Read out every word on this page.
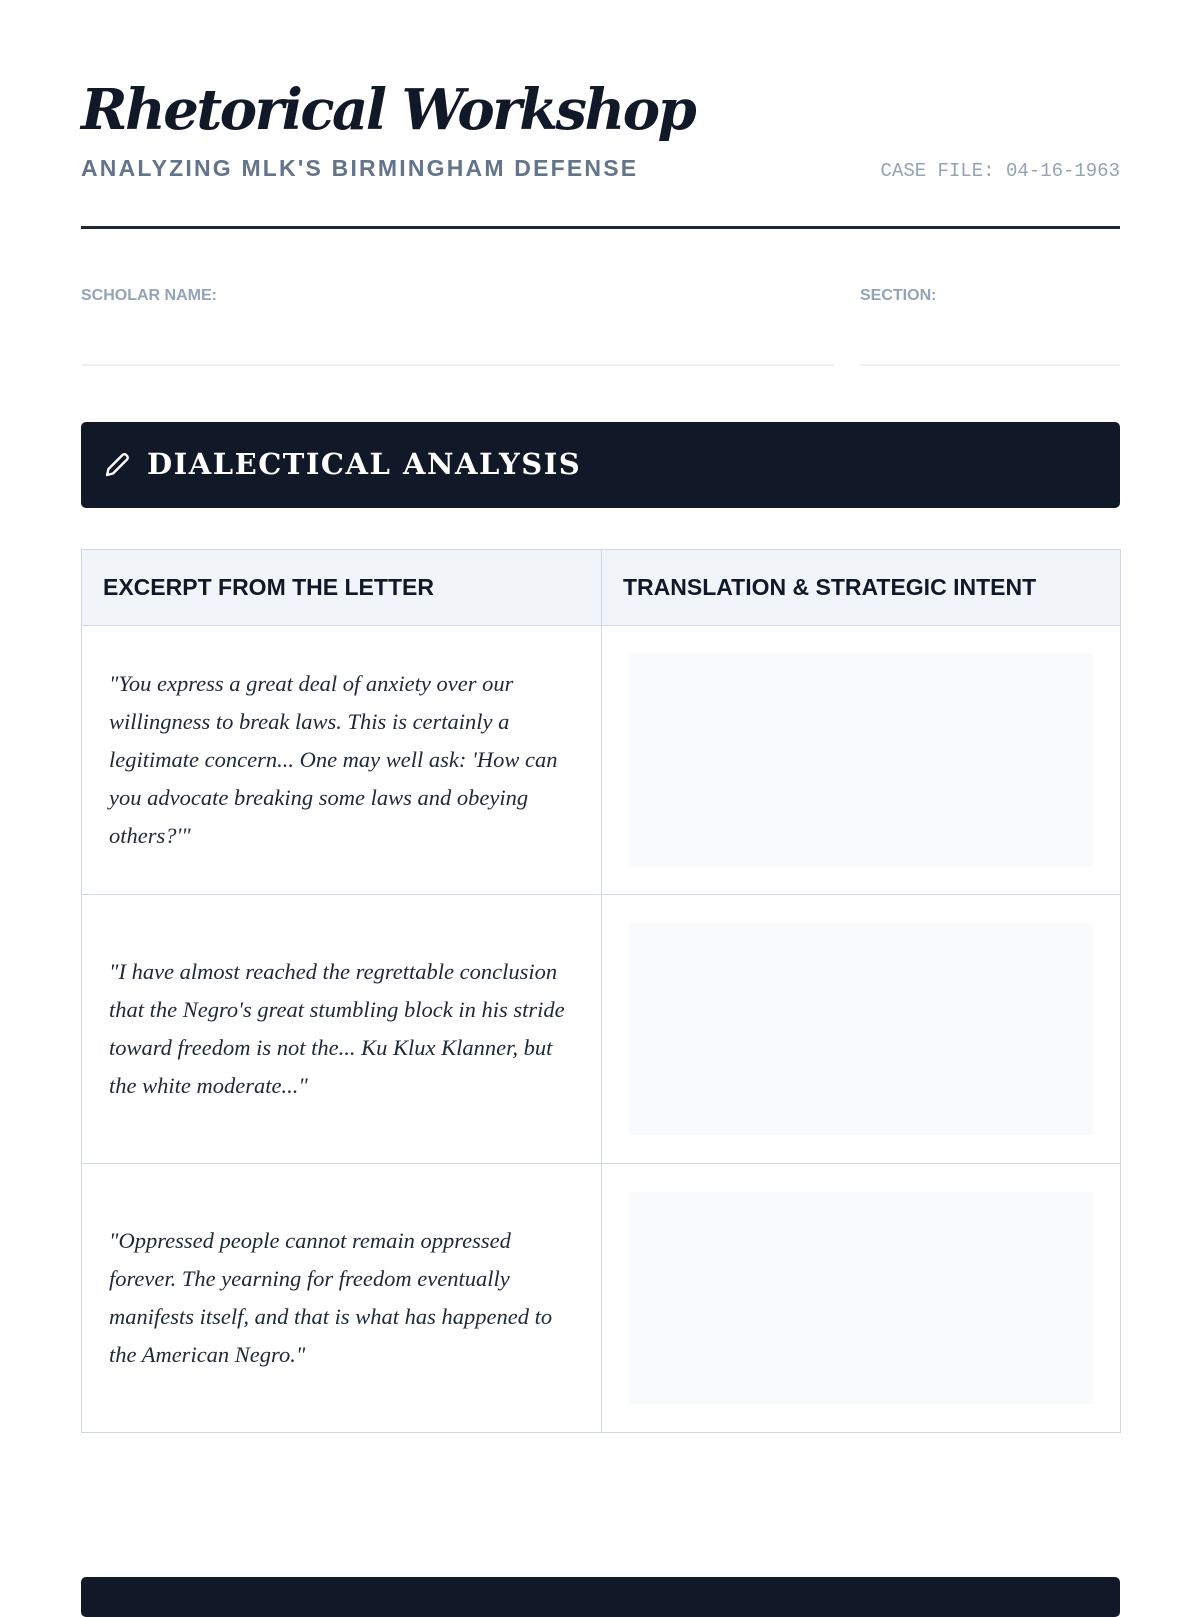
Rhetorical Workshop
ANALYZING MLK'S BIRMINGHAM DEFENSE	CASE FILE: 04-16-1963
SCHOLAR NAME:	SECTION:
DIALECTICAL ANALYSIS
EXCERPT FROM THE LETTER	TRANSLATION & STRATEGIC INTENT

"You express a great deal of anxiety over our willingness to break laws. This is certainly a legitimate concern... One may well ask: 'How can you advocate breaking some laws and obeying others?'"	

"I have almost reached the regrettable conclusion that the Negro's great stumbling block in his stride toward freedom is not the... Ku Klux Klanner, but the white moderate..."	

"Oppressed people cannot remain oppressed forever. The yearning for freedom eventually manifests itself, and that is what has happened to the American Negro."	
